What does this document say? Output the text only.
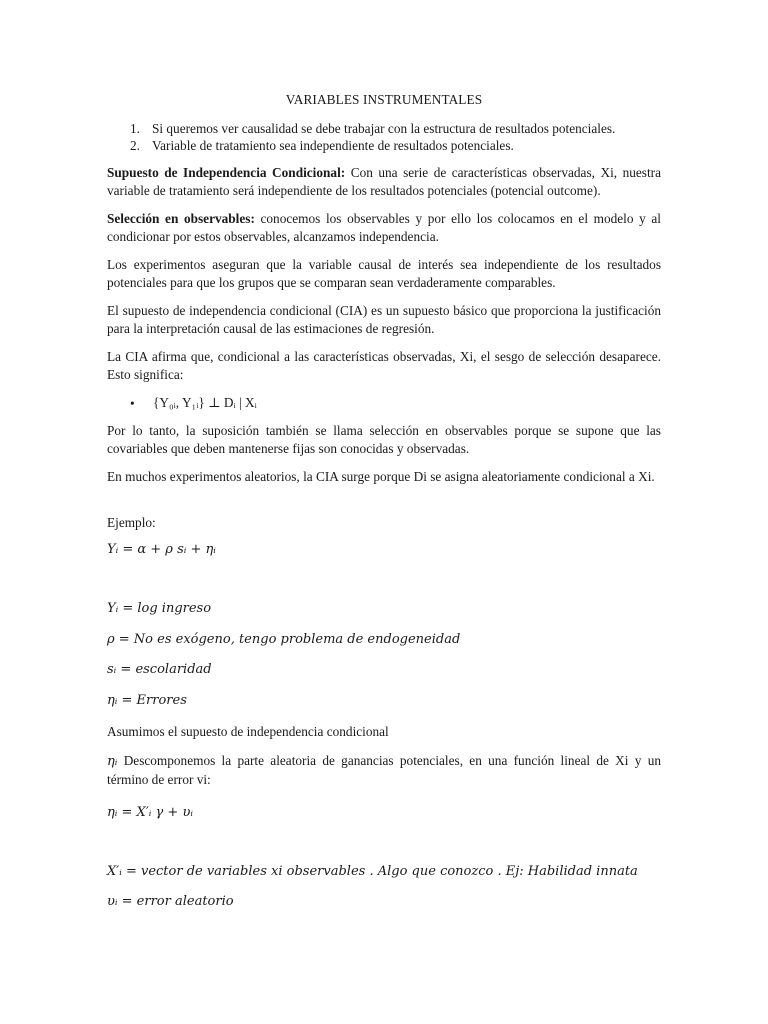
VARIABLES INSTRUMENTALES
1. Si queremos ver causalidad se debe trabajar con la estructura de resultados potenciales.
2. Variable de tratamiento sea independiente de resultados potenciales.

Supuesto de Independencia Condicional: Con una serie de características observadas, Xi, nuestra variable de tratamiento será independiente de los resultados potenciales (potencial outcome).

Selección en observables: conocemos los observables y por ello los colocamos en el modelo y al condicionar por estos observables, alcanzamos independencia.

Los experimentos aseguran que la variable causal de interés sea independiente de los resultados potenciales para que los grupos que se comparan sean verdaderamente comparables.

El supuesto de independencia condicional (CIA) es un supuesto básico que proporciona la justificación para la interpretación causal de las estimaciones de regresión.

La CIA afirma que, condicional a las características observadas, Xi, el sesgo de selección desaparece. Esto significa:

• {Y₀ᵢ, Y₁ᵢ} ⊥ Dᵢ | Xᵢ

Por lo tanto, la suposición también se llama selección en observables porque se supone que las covariables que deben mantenerse fijas son conocidas y observadas.

En muchos experimentos aleatorios, la CIA surge porque Di se asigna aleatoriamente condicional a Xi.

Ejemplo:

Yᵢ = α + ρ sᵢ + ηᵢ
Yᵢ = log ingreso
ρ = No es exógeno, tengo problema de endogeneidad
sᵢ = escolaridad
ηᵢ = Errores

Asumimos el supuesto de independencia condicional

ηᵢ Descomponemos la parte aleatoria de ganancias potenciales, en una función lineal de Xi y un término de error vi:

ηᵢ = X′ᵢ γ + υᵢ
X′ᵢ = vector de variables xi observables . Algo que conozco . Ej: Habilidad innata
υᵢ = error aleatorio
